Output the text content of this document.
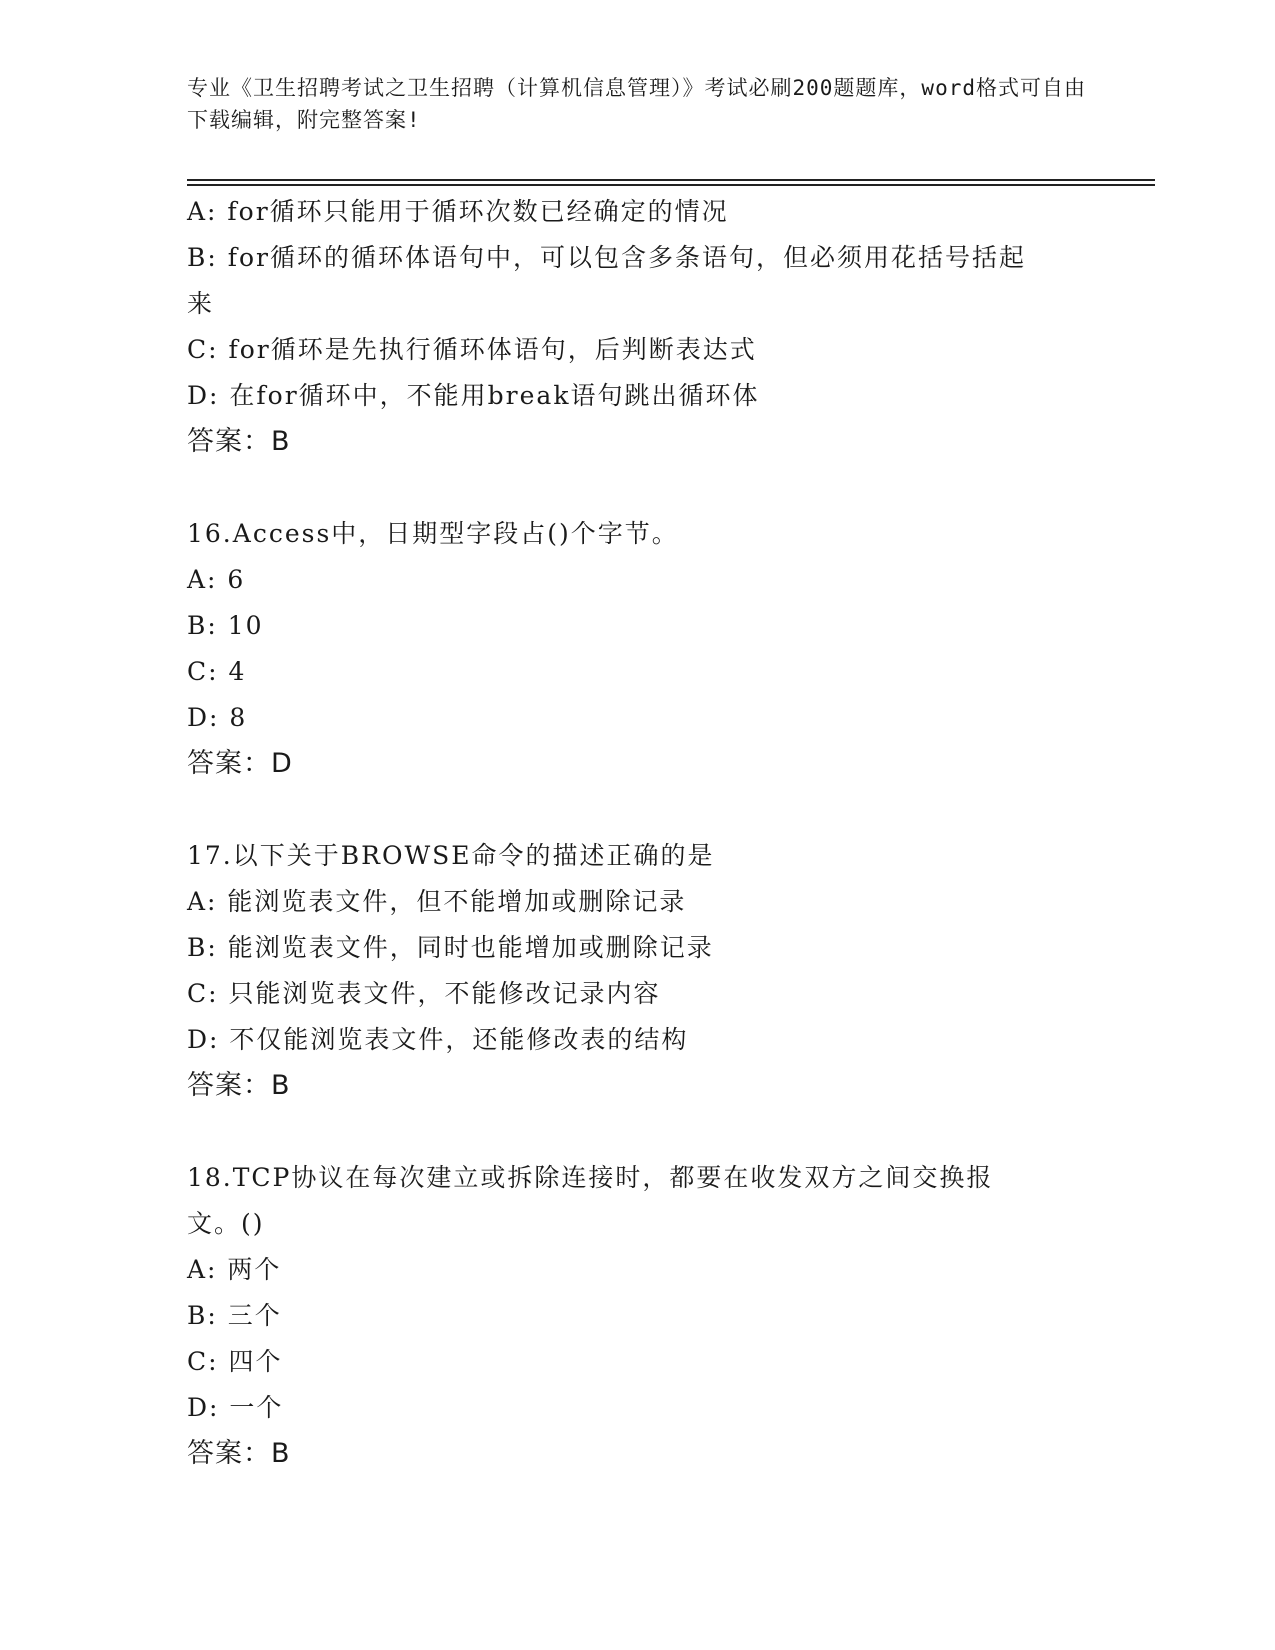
专业《卫生招聘考试之卫生招聘（计算机信息管理）》考试必刷200题题库，word格式可自由下载编辑，附完整答案!

A: for循环只能用于循环次数已经确定的情况

B: for循环的循环体语句中，可以包含多条语句，但必须用花括号括起来

C: for循环是先执行循环体语句，后判断表达式

D: 在for循环中，不能用break语句跳出循环体

答案：B

16.Access中，日期型字段占()个字节。

A: 6

B: 10

C: 4

D: 8

答案：D

17.以下关于BROWSE命令的描述正确的是

A: 能浏览表文件，但不能增加或删除记录

B: 能浏览表文件，同时也能增加或删除记录

C: 只能浏览表文件，不能修改记录内容

D: 不仅能浏览表文件，还能修改表的结构

答案：B

18.TCP协议在每次建立或拆除连接时，都要在收发双方之间交换报文。()

A: 两个

B: 三个

C: 四个

D: 一个

答案：B
